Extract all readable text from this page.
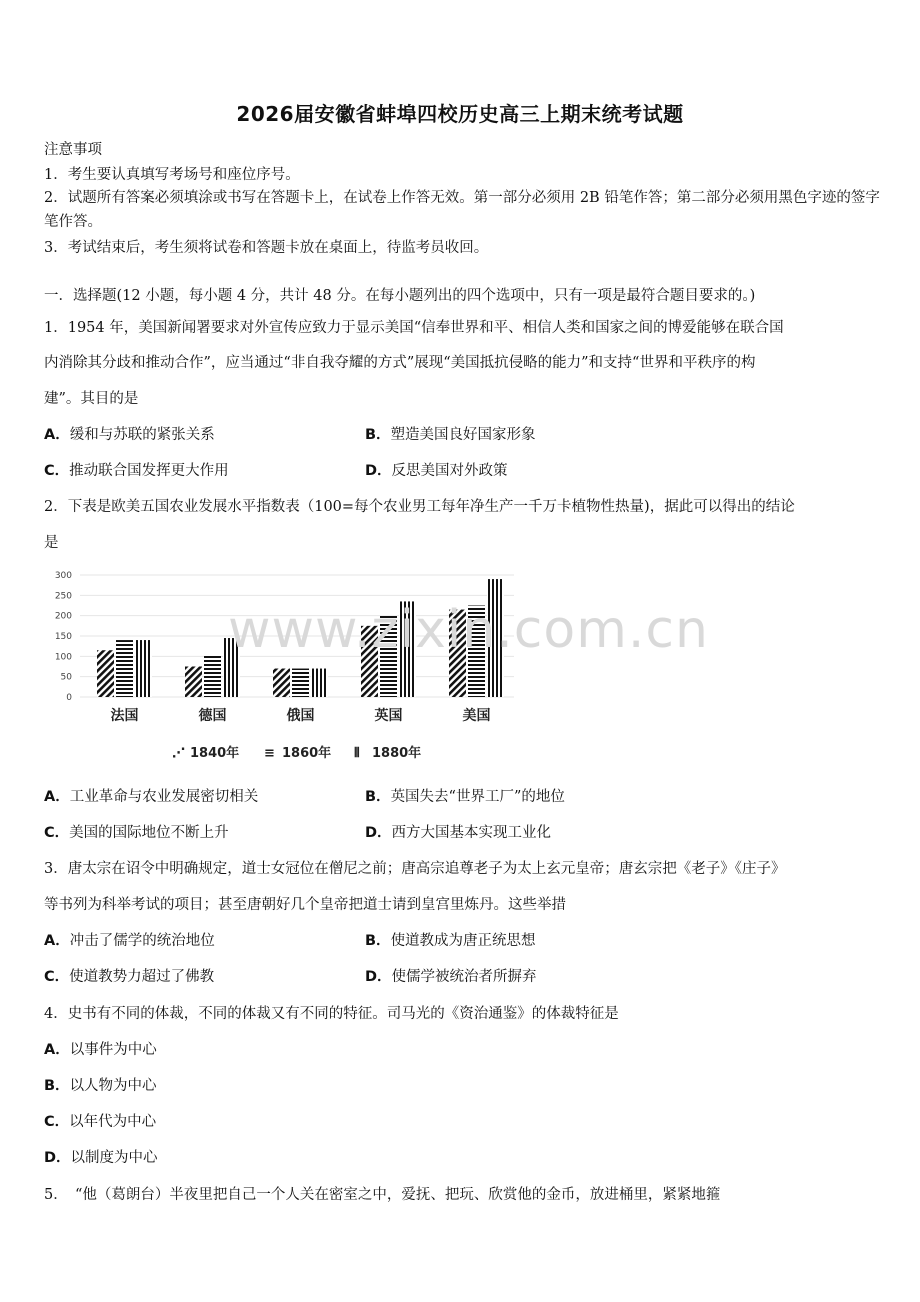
2026届安徽省蚌埠四校历史高三上期末统考试题
注意事项
1．考生要认真填写考场号和座位序号。
2．试题所有答案必须填涂或书写在答题卡上，在试卷上作答无效。第一部分必须用 2B 铅笔作答；第二部分必须用黑色字迹的签字笔作答。
3．考试结束后，考生须将试卷和答题卡放在桌面上，待监考员收回。
一．选择题(12 小题，每小题 4 分，共计 48 分。在每小题列出的四个选项中，只有一项是最符合题目要求的。)
1．1954 年，美国新闻署要求对外宣传应致力于显示美国“信奉世界和平、相信人类和国家之间的博爱能够在联合国
内消除其分歧和推动合作”，应当通过“非自我夺耀的方式”展现“美国抵抗侵略的能力”和支持“世界和平秩序的构
建”。其目的是
A．缓和与苏联的紧张关系	B．塑造美国良好国家形象
C．推动联合国发挥更大作用	D．反思美国对外政策
2．下表是欧美五国农业发展水平指数表（100=每个农业男工每年净生产一千万卡植物性热量)，据此可以得出的结论
是
300
250
200
150
100
50
0
法国	德国	俄国	英国	美国
⋰ 1840年 ≡ 1860年 ⦀ 1880年
www.zixin.com.cn
A．工业革命与农业发展密切相关	B．英国失去“世界工厂”的地位
C．美国的国际地位不断上升	D．西方大国基本实现工业化
3．唐太宗在诏令中明确规定，道士女冠位在僧尼之前；唐高宗追尊老子为太上玄元皇帝；唐玄宗把《老子》《庄子》
等书列为科举考试的项目；甚至唐朝好几个皇帝把道士请到皇宫里炼丹。这些举措
A．冲击了儒学的统治地位	B．使道教成为唐正统思想
C．使道教势力超过了佛教	D．使儒学被统治者所摒弃
4．史书有不同的体裁，不同的体裁又有不同的特征。司马光的《资治通鉴》的体裁特征是
A．以事件为中心
B．以人物为中心
C．以年代为中心
D．以制度为中心
5．　“他（葛朗台）半夜里把自己一个人关在密室之中，爱抚、把玩、欣赏他的金币，放进桶里，紧紧地箍
